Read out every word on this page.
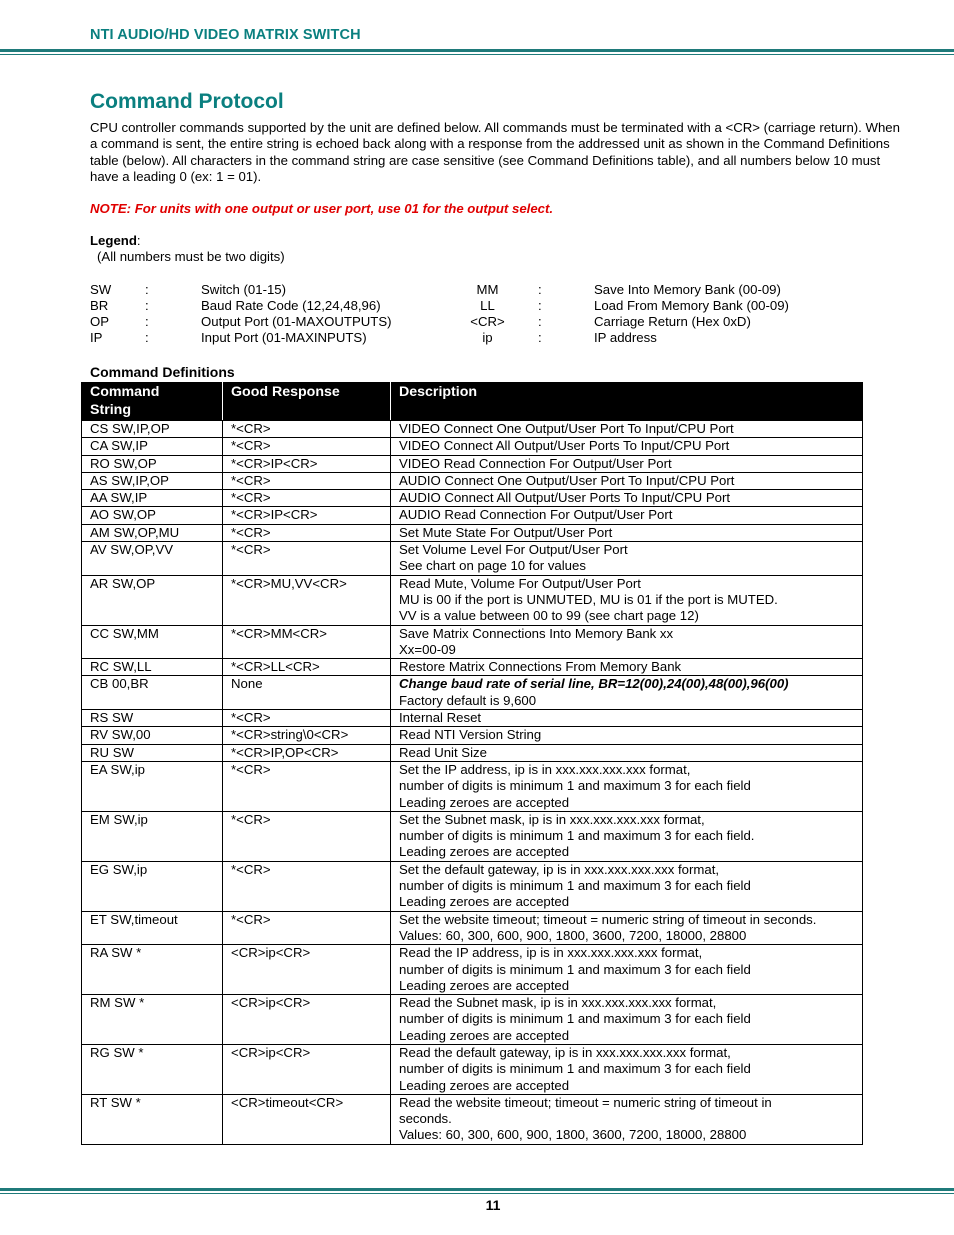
NTI AUDIO/HD VIDEO MATRIX SWITCH
Command Protocol
CPU controller commands supported by the unit are defined below. All commands must be terminated with a <CR> (carriage return). When a command is sent, the entire string is echoed back along with a response from the addressed unit as shown in the Command Definitions table (below). All characters in the command string are case sensitive (see Command Definitions table), and all numbers below 10 must have a leading 0 (ex: 1 = 01).
NOTE: For units with one output or user port, use 01 for the output select.
Legend:
(All numbers must be two digits)
SW	:	Switch (01-15)	MM	:	Save Into Memory Bank (00-09)
BR	:	Baud Rate Code (12,24,48,96)	LL	:	Load From Memory Bank (00-09)
OP	:	Output Port (01-MAXOUTPUTS)	<CR>	:	Carriage Return (Hex 0xD)
IP	:	Input Port (01-MAXINPUTS)	ip	:	IP address
Command Definitions
Command String	Good Response	Description
CS SW,IP,OP	*<CR>	VIDEO Connect One Output/User Port To Input/CPU Port

CA SW,IP	*<CR>	VIDEO Connect All Output/User Ports To Input/CPU Port

RO SW,OP	*<CR>IP<CR>	VIDEO Read Connection For Output/User Port

AS SW,IP,OP	*<CR>	AUDIO Connect One Output/User Port To Input/CPU Port

AA SW,IP	*<CR>	AUDIO Connect All Output/User Ports To Input/CPU Port

AO SW,OP	*<CR>IP<CR>	AUDIO Read Connection For Output/User Port

AM SW,OP,MU	*<CR>	Set Mute State For Output/User Port

AV SW,OP,VV	*<CR>	Set Volume Level For Output/User Port
See chart on page 10 for values

AR SW,OP	*<CR>MU,VV<CR>	Read Mute, Volume For Output/User Port
MU is 00 if the port is UNMUTED, MU is 01 if the port is MUTED.
VV is a value between 00 to 99 (see chart page 12)

CC SW,MM	*<CR>MM<CR>	Save Matrix Connections Into Memory Bank xx
Xx=00-09

RC SW,LL	*<CR>LL<CR>	Restore Matrix Connections From Memory Bank

CB 00,BR	None	Change baud rate of serial line, BR=12(00),24(00),48(00),96(00)
Factory default is 9,600

RS SW	*<CR>	Internal Reset

RV SW,00	*<CR>string\0<CR>	Read NTI Version String

RU SW	*<CR>IP,OP<CR>	Read Unit Size

EA SW,ip	*<CR>	Set the IP address, ip is in xxx.xxx.xxx.xxx format,
number of digits is minimum 1 and maximum 3 for each field
Leading zeroes are accepted

EM SW,ip	*<CR>	Set the Subnet mask, ip is in xxx.xxx.xxx.xxx format,
number of digits is minimum 1 and maximum 3 for each field.
Leading zeroes are accepted

EG SW,ip	*<CR>	Set the default gateway, ip is in xxx.xxx.xxx.xxx format,
number of digits is minimum 1 and maximum 3 for each field
Leading zeroes are accepted

ET SW,timeout	*<CR>	Set the website timeout; timeout = numeric string of timeout in seconds.
Values: 60, 300, 600, 900, 1800, 3600, 7200, 18000, 28800

RA SW *	<CR>ip<CR>	Read the IP address, ip is in xxx.xxx.xxx.xxx format,
number of digits is minimum 1 and maximum 3 for each field
Leading zeroes are accepted

RM SW *	<CR>ip<CR>	Read the Subnet mask, ip is in xxx.xxx.xxx.xxx format,
number of digits is minimum 1 and maximum 3 for each field
Leading zeroes are accepted

RG SW *	<CR>ip<CR>	Read the default gateway, ip is in xxx.xxx.xxx.xxx format,
number of digits is minimum 1 and maximum 3 for each field
Leading zeroes are accepted

RT SW *	<CR>timeout<CR>	Read the website timeout; timeout = numeric string of timeout in
seconds.
Values: 60, 300, 600, 900, 1800, 3600, 7200, 18000, 28800
11
